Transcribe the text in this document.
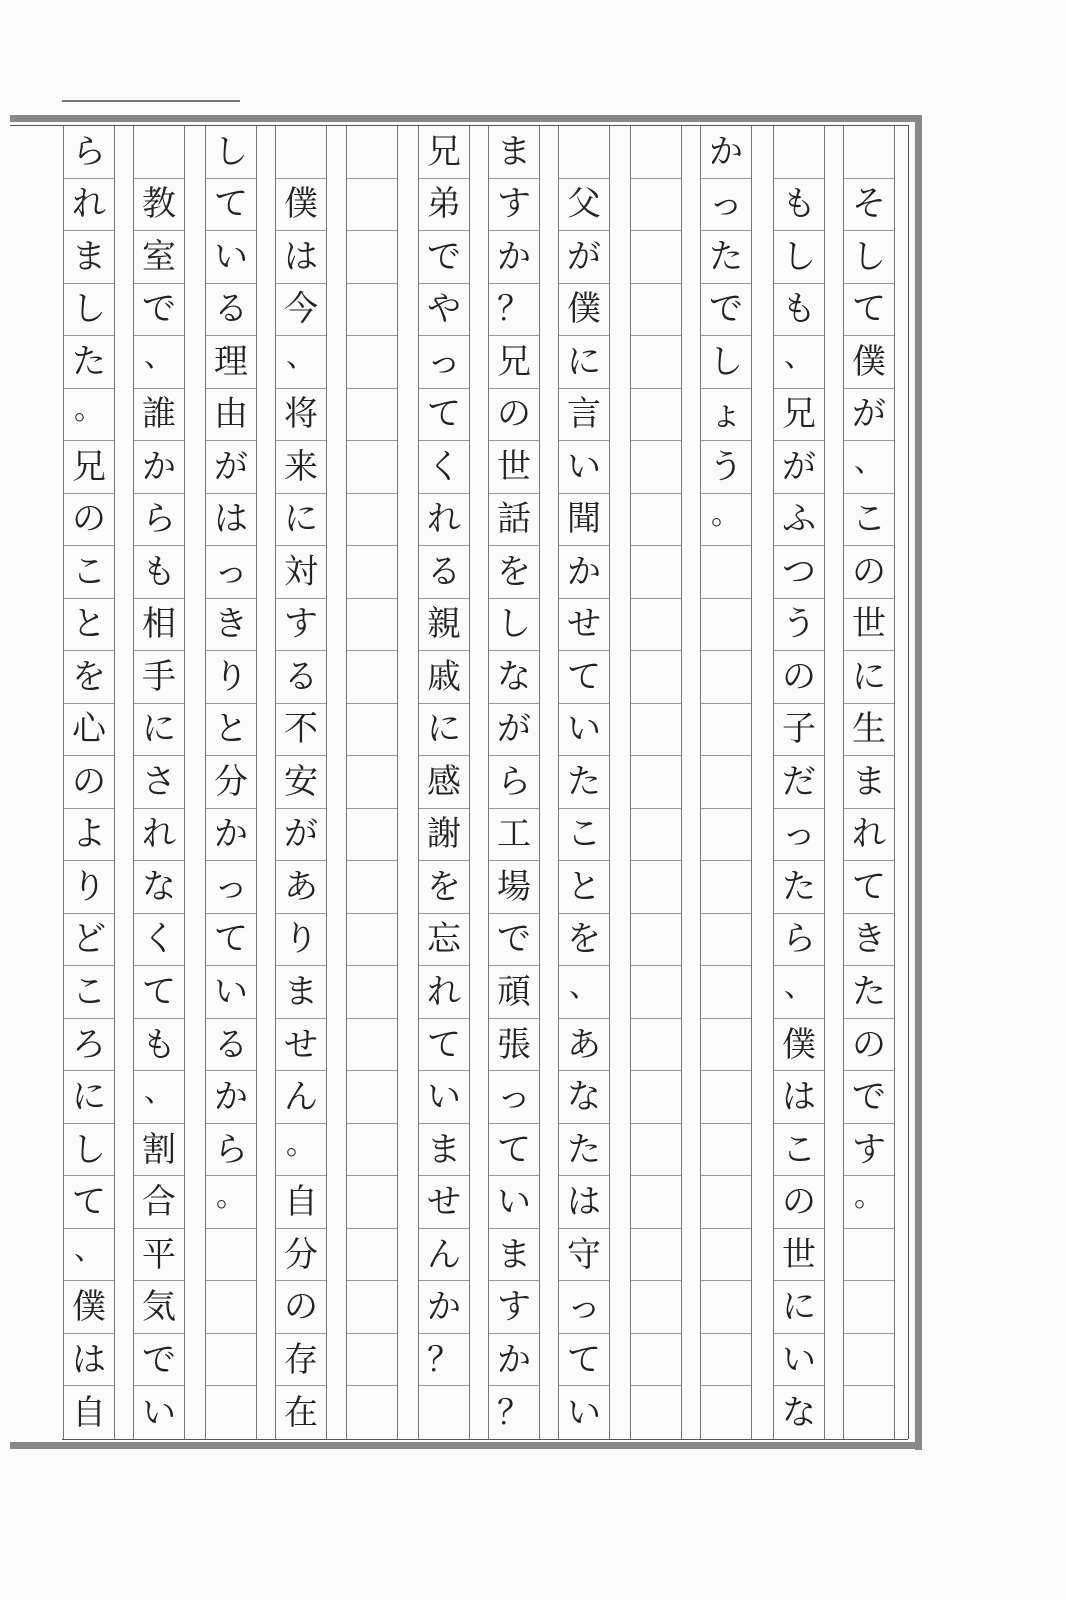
そ
し
て
僕
が
、
こ
の
世
に
生
ま
れ
て
き
た
の
で
す
。
も
し
も
、
兄
が
ふ
つ
う
の
子
だ
っ
た
ら
、
僕
は
こ
の
世
に
い
な
か
っ
た
で
し
ょ
う
。
父
が
僕
に
言
い
聞
か
せ
て
い
た
こ
と
を
、
あ
な
た
は
守
っ
て
い
ま
す
か
？
兄
の
世
話
を
し
な
が
ら
工
場
で
頑
張
っ
て
い
ま
す
か
？
兄
弟
で
や
っ
て
く
れ
る
親
戚
に
感
謝
を
忘
れ
て
い
ま
せ
ん
か
？
僕
は
今
、
将
来
に
対
す
る
不
安
が
あ
り
ま
せ
ん
。
自
分
の
存
在
し
て
い
る
理
由
が
は
っ
き
り
と
分
か
っ
て
い
る
か
ら
。
教
室
で
、
誰
か
ら
も
相
手
に
さ
れ
な
く
て
も
、
割
合
平
気
で
い
ら
れ
ま
し
た
。
兄
の
こ
と
を
心
の
よ
り
ど
こ
ろ
に
し
て
、
僕
は
自
